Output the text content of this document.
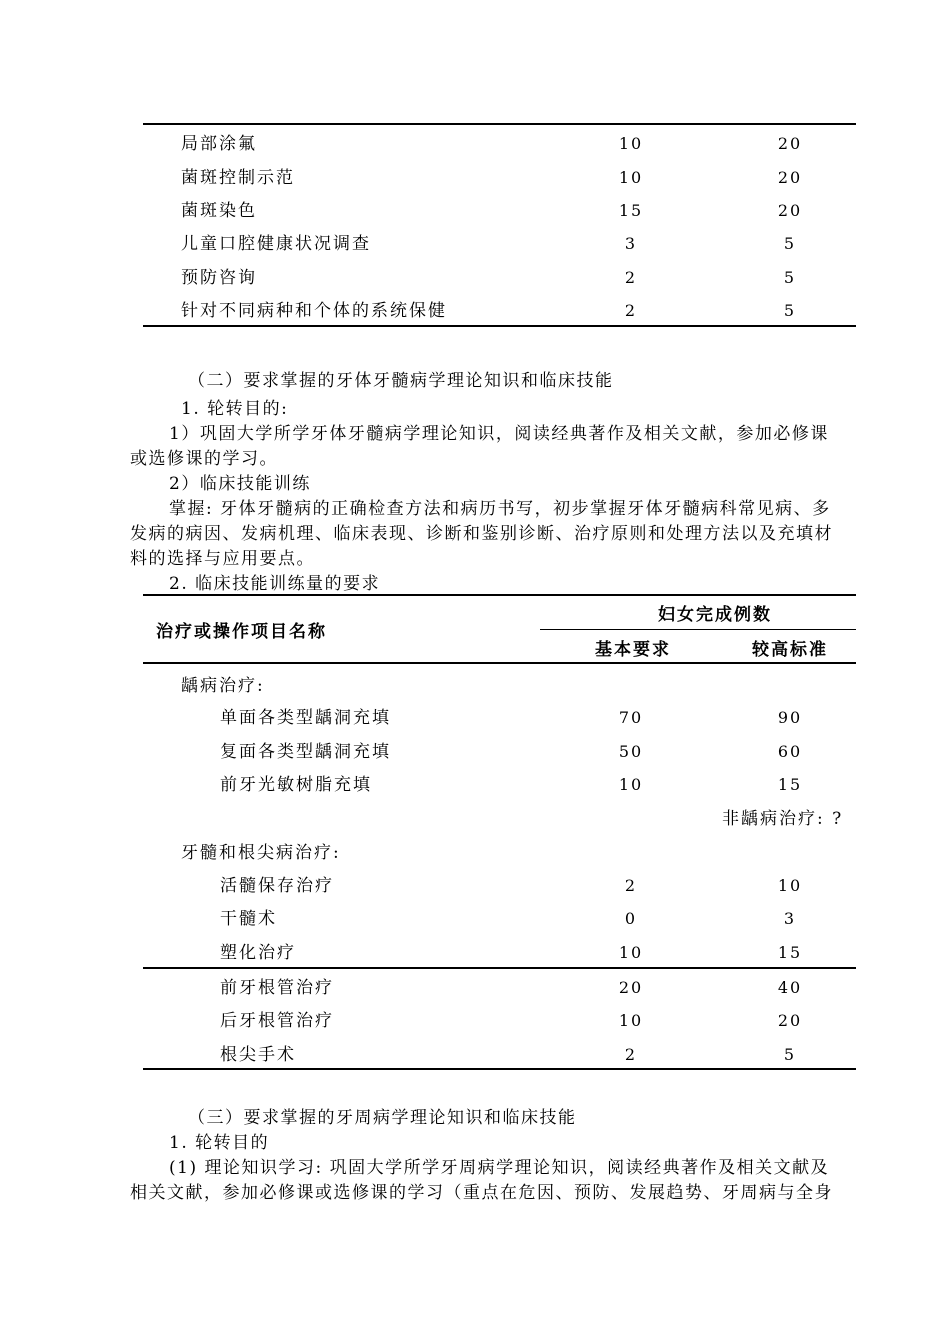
局部涂氟	10	20
菌斑控制示范	10	20
菌斑染色	15	20
儿童口腔健康状况调查	3	5
预防咨询	2	5
针对不同病种和个体的系统保健	2	5
（二）要求掌握的牙体牙髓病学理论知识和临床技能
1. 轮转目的:
1）巩固大学所学牙体牙髓病学理论知识，阅读经典著作及相关文献，参加必修课
或选修课的学习。
2）临床技能训练
掌握: 牙体牙髓病的正确检查方法和病历书写，初步掌握牙体牙髓病科常见病、多
发病的病因、发病机理、临床表现、诊断和鉴别诊断、治疗原则和处理方法以及充填材
料的选择与应用要点。
2. 临床技能训练量的要求
治疗或操作项目名称
妇女完成例数
基本要求	较高标准
龋病治疗:
单面各类型龋洞充填	70	90
复面各类型龋洞充填	50	60
前牙光敏树脂充填	10	15
非龋病治疗: ?
牙髓和根尖病治疗:
活髓保存治疗	2	10
干髓术	0	3
塑化治疗	10	15
前牙根管治疗	20	40
后牙根管治疗	10	20
根尖手术	2	5
（三）要求掌握的牙周病学理论知识和临床技能
1. 轮转目的
(1) 理论知识学习: 巩固大学所学牙周病学理论知识，阅读经典著作及相关文献及
相关文献，参加必修课或选修课的学习（重点在危因、预防、发展趋势、牙周病与全身
